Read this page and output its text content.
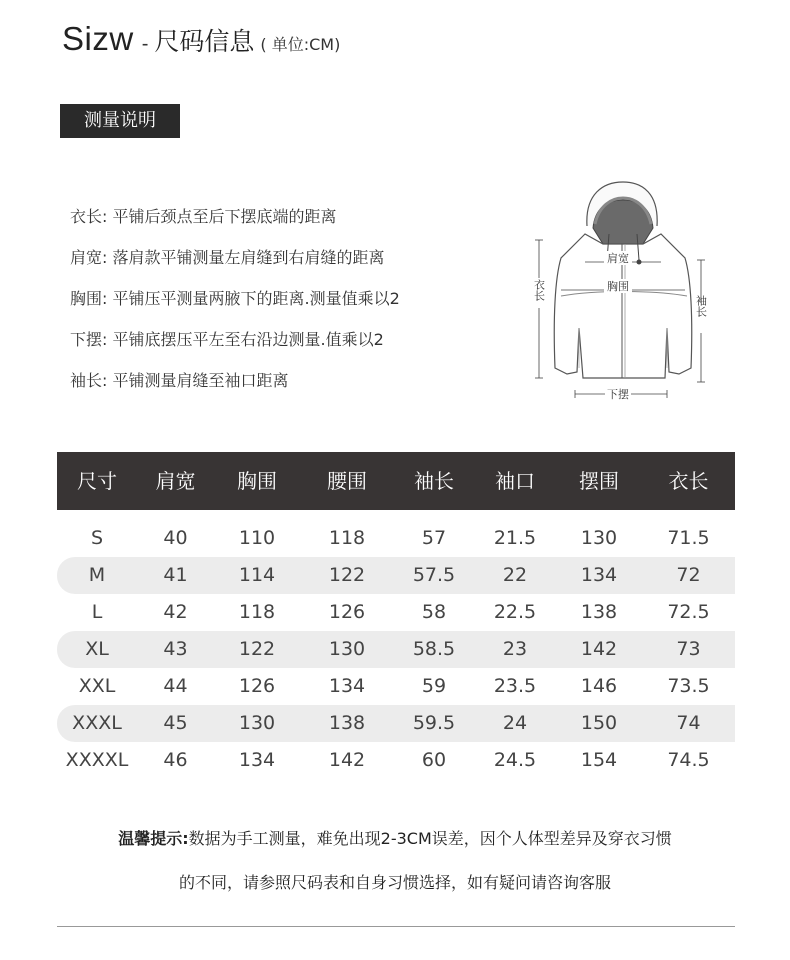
Sizw - 尺码信息 ( 单位:CM)
测量说明
衣长: 平铺后颈点至后下摆底端的距离
肩宽: 落肩款平铺测量左肩缝到右肩缝的距离
胸围: 平铺压平测量两腋下的距离.测量值乘以2
下摆: 平铺底摆压平左至右沿边测量.值乘以2
袖长: 平铺测量肩缝至袖口距离
肩宽
胸围
衣长
袖长
下摆
尺寸	肩宽	胸围	腰围	袖长	袖口	摆围	衣长
S	40	110	118	57	21.5	130	71.5
M	41	114	122	57.5	22	134	72
L	42	118	126	58	22.5	138	72.5
XL	43	122	130	58.5	23	142	73
XXL	44	126	134	59	23.5	146	73.5
XXXL	45	130	138	59.5	24	150	74
XXXXL	46	134	142	60	24.5	154	74.5
温馨提示:数据为手工测量，难免出现2-3CM误差，因个人体型差异及穿衣习惯
的不同，请参照尺码表和自身习惯选择，如有疑问请咨询客服
